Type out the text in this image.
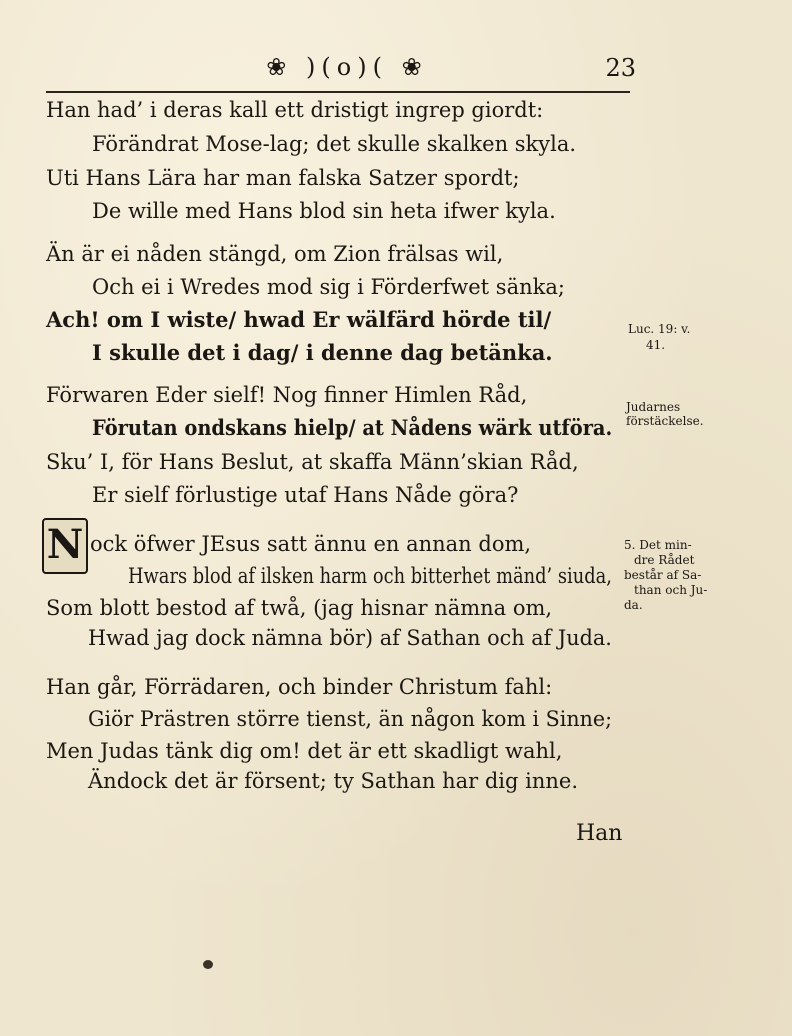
❀ )(o)( ❀	23
Han had’ i deras kall ett dristigt ingrep giordt:
Förändrat Mose-lag; det skulle skalken skyla.
Uti Hans Lära har man falska Satzer spordt;
De wille med Hans blod sin heta ifwer kyla.
Än är ei nåden stängd, om Zion frälsas wil,
Och ei i Wredes mod sig i Förderfwet sänka;
Ach! om I wiste/ hwad Er wälfärd hörde til/
I skulle det i dag/ i denne dag betänka.
Förwaren Eder sielf! Nog finner Himlen Råd,
Förutan ondskans hielp/ at Nådens wärk utföra.
Sku’ I, för Hans Beslut, at skaffa Männ’skian Råd,
Er sielf förlustige utaf Hans Nåde göra?
N ock öfwer JEsus satt ännu en annan dom,
Hwars blod af ilsken harm och bitterhet mänd’ siuda,
Som blott bestod af twå, (jag hisnar nämna om,
Hwad jag dock nämna bör) af Sathan och af Juda.
Han går, Förrädaren, och binder Christum fahl:
Giör Prästren större tienst, än någon kom i Sinne;
Men Judas tänk dig om! det är ett skadligt wahl,
Ändock det är försent; ty Sathan har dig inne.
Luc. 19: v.
41.
Judarnes
förstäckelse.
5. Det min-
dre Rådet
består af Sa-
than och Ju-
da.
Han
